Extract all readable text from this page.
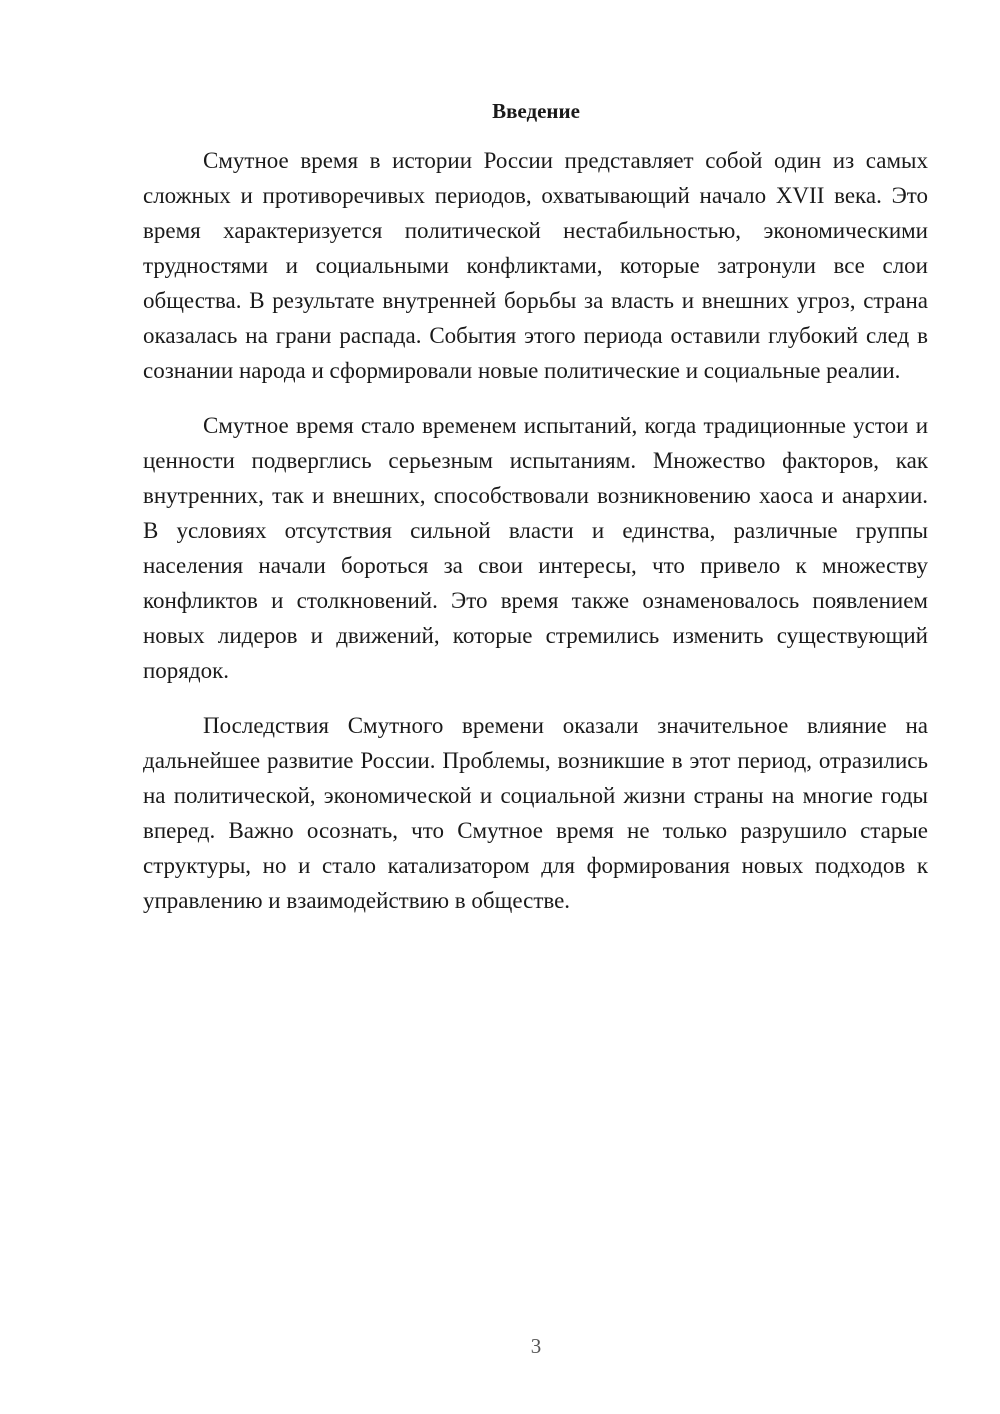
Введение

Смутное время в истории России представляет собой один из самых сложных и противоречивых периодов, охватывающий начало XVII века. Это время характеризуется политической нестабильностью, экономическими трудностями и социальными конфликтами, которые затронули все слои общества. В результате внутренней борьбы за власть и внешних угроз, страна оказалась на грани распада. События этого периода оставили глубокий след в сознании народа и сформировали новые политические и социальные реалии.

Смутное время стало временем испытаний, когда традиционные устои и ценности подверглись серьезным испытаниям. Множество факторов, как внутренних, так и внешних, способствовали возникновению хаоса и анархии. В условиях отсутствия сильной власти и единства, различные группы населения начали бороться за свои интересы, что привело к множеству конфликтов и столкновений. Это время также ознаменовалось появлением новых лидеров и движений, которые стремились изменить существующий порядок.

Последствия Смутного времени оказали значительное влияние на дальнейшее развитие России. Проблемы, возникшие в этот период, отразились на политической, экономической и социальной жизни страны на многие годы вперед. Важно осознать, что Смутное время не только разрушило старые структуры, но и стало катализатором для формирования новых подходов к управлению и взаимодействию в обществе.

3
